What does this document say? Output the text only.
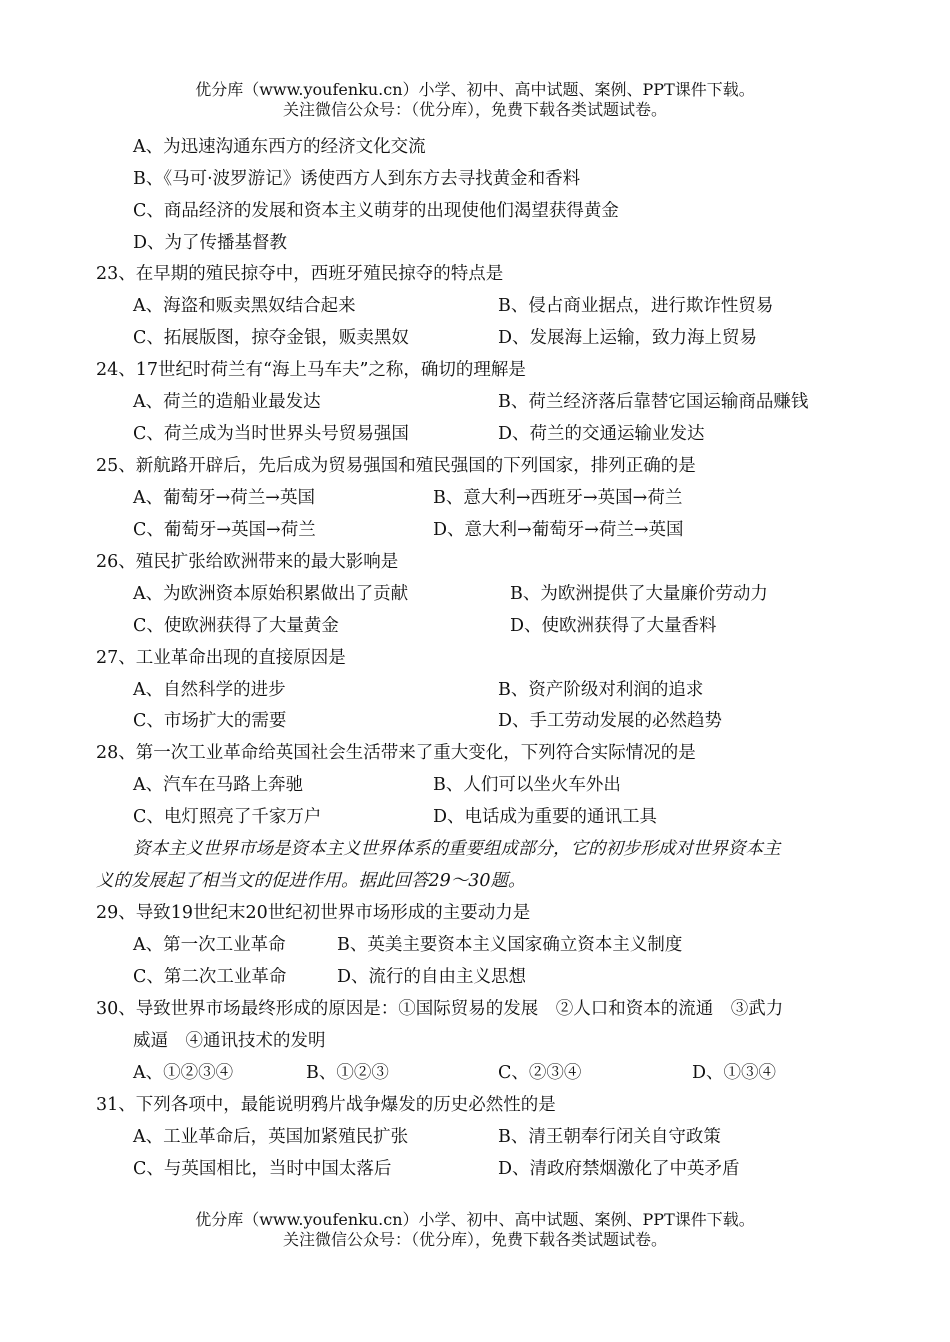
优分库（www.youfenku.cn）小学、初中、高中试题、案例、PPT课件下载。
关注微信公众号：（优分库），免费下载各类试题试卷。
A、为迅速沟通东西方的经济文化交流
B、《马可·波罗游记》诱使西方人到东方去寻找黄金和香料
C、商品经济的发展和资本主义萌芽的出现使他们渴望获得黄金
D、为了传播基督教
23、在早期的殖民掠夺中，西班牙殖民掠夺的特点是
A、海盗和贩卖黑奴结合起来	B、侵占商业据点，进行欺诈性贸易
C、拓展版图，掠夺金银，贩卖黑奴	D、发展海上运输，致力海上贸易
24、17世纪时荷兰有“海上马车夫”之称，确切的理解是
A、荷兰的造船业最发达	B、荷兰经济落后靠替它国运输商品赚钱
C、荷兰成为当时世界头号贸易强国	D、荷兰的交通运输业发达
25、新航路开辟后，先后成为贸易强国和殖民强国的下列国家，排列正确的是
A、葡萄牙→荷兰→英国	B、意大利→西班牙→英国→荷兰
C、葡萄牙→英国→荷兰	D、意大利→葡萄牙→荷兰→英国
26、殖民扩张给欧洲带来的最大影响是
A、为欧洲资本原始积累做出了贡献	B、为欧洲提供了大量廉价劳动力
C、使欧洲获得了大量黄金	D、使欧洲获得了大量香料
27、工业革命出现的直接原因是
A、自然科学的进步	B、资产阶级对利润的追求
C、市场扩大的需要	D、手工劳动发展的必然趋势
28、第一次工业革命给英国社会生活带来了重大变化，下列符合实际情况的是
A、汽车在马路上奔驰	B、人们可以坐火车外出
C、电灯照亮了千家万户	D、电话成为重要的通讯工具
资本主义世界市场是资本主义世界体系的重要组成部分，它的初步形成对世界资本主
义的发展起了相当文的促进作用。据此回答29～30题。
29、导致19世纪末20世纪初世界市场形成的主要动力是
A、第一次工业革命	B、英美主要资本主义国家确立资本主义制度
C、第二次工业革命	D、流行的自由主义思想
30、导致世界市场最终形成的原因是：①国际贸易的发展　②人口和资本的流通　③武力
威逼　④通讯技术的发明
A、①②③④	B、①②③	C、②③④	D、①③④
31、下列各项中，最能说明鸦片战争爆发的历史必然性的是
A、工业革命后，英国加紧殖民扩张	B、清王朝奉行闭关自守政策
C、与英国相比，当时中国太落后	D、清政府禁烟激化了中英矛盾
优分库（www.youfenku.cn）小学、初中、高中试题、案例、PPT课件下载。
关注微信公众号：（优分库），免费下载各类试题试卷。
